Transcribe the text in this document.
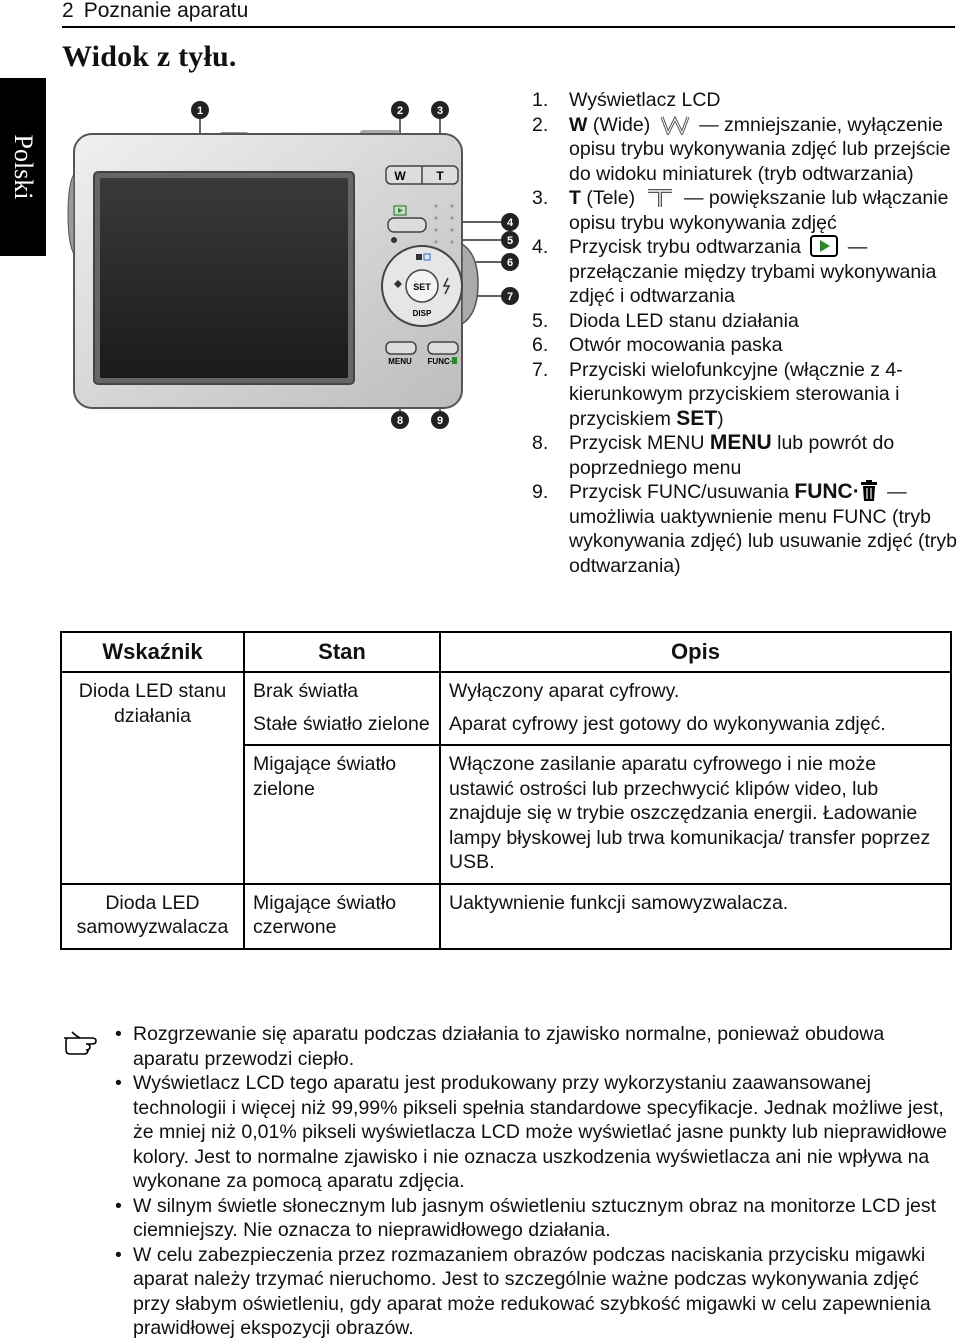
2 Poznanie aparatu
Widok z tyłu.
Polski	W	T
SET
DISP
MENU FUNC·
1	2	3
4
5
6
7
8	9
1. Wyświetlacz LCD
2. W (Wide)  — zmniejszanie, wyłączenie opisu trybu wykonywania zdjęć lub przejście do widoku miniaturek (tryb odtwarzania)
3. T (Tele)  — powiększanie lub włączanie opisu trybu wykonywania zdjęć
4. Przycisk trybu odtwarzania  — przełączanie między trybami wykonywania zdjęć i odtwarzania
5. Dioda LED stanu działania
6. Otwór mocowania paska
7. Przyciski wielofunkcyjne (włącznie z 4-kierunkowym przyciskiem sterowania i przyciskiem SET)
8. Przycisk MENU MENU lub powrót do poprzedniego menu
9. Przycisk FUNC/usuwania FUNC· — umożliwia uaktywnienie menu FUNC (tryb wykonywania zdjęć) lub usuwanie zdjęć (tryb odtwarzania)
Wskaźnik	Stan	Opis
Dioda LED stanu działania	Brak światła	Wyłączony aparat cyfrowy.
	Stałe światło zielone	Aparat cyfrowy jest gotowy do wykonywania zdjęć.
	Migające światło zielone	Włączone zasilanie aparatu cyfrowego i nie może ustawić ostrości lub przechwycić klipów video, lub znajduje się w trybie oszczędzania energii. Ładowanie lampy błyskowej lub trwa komunikacja/ transfer poprzez USB.
Dioda LED samowyzwalacza	Migające światło czerwone	Uaktywnienie funkcji samowyzwalacza.
• Rozgrzewanie się aparatu podczas działania to zjawisko normalne, ponieważ obudowa aparatu przewodzi ciepło.
• Wyświetlacz LCD tego aparatu jest produkowany przy wykorzystaniu zaawansowanej technologii i więcej niż 99,99% pikseli spełnia standardowe specyfikacje. Jednak możliwe jest, że mniej niż 0,01% pikseli wyświetlacza LCD może wyświetlać jasne punkty lub nieprawidłowe kolory. Jest to normalne zjawisko i nie oznacza uszkodzenia wyświetlacza ani nie wpływa na wykonane za pomocą aparatu zdjęcia.
• W silnym świetle słonecznym lub jasnym oświetleniu sztucznym obraz na monitorze LCD jest ciemniejszy. Nie oznacza to nieprawidłowego działania.
• W celu zabezpieczenia przez rozmazaniem obrazów podczas naciskania przycisku migawki aparat należy trzymać nieruchomo. Jest to szczególnie ważne podczas wykonywania zdjęć przy słabym oświetleniu, gdy aparat może redukować szybkość migawki w celu zapewnienia prawidłowej ekspozycji obrazów.
